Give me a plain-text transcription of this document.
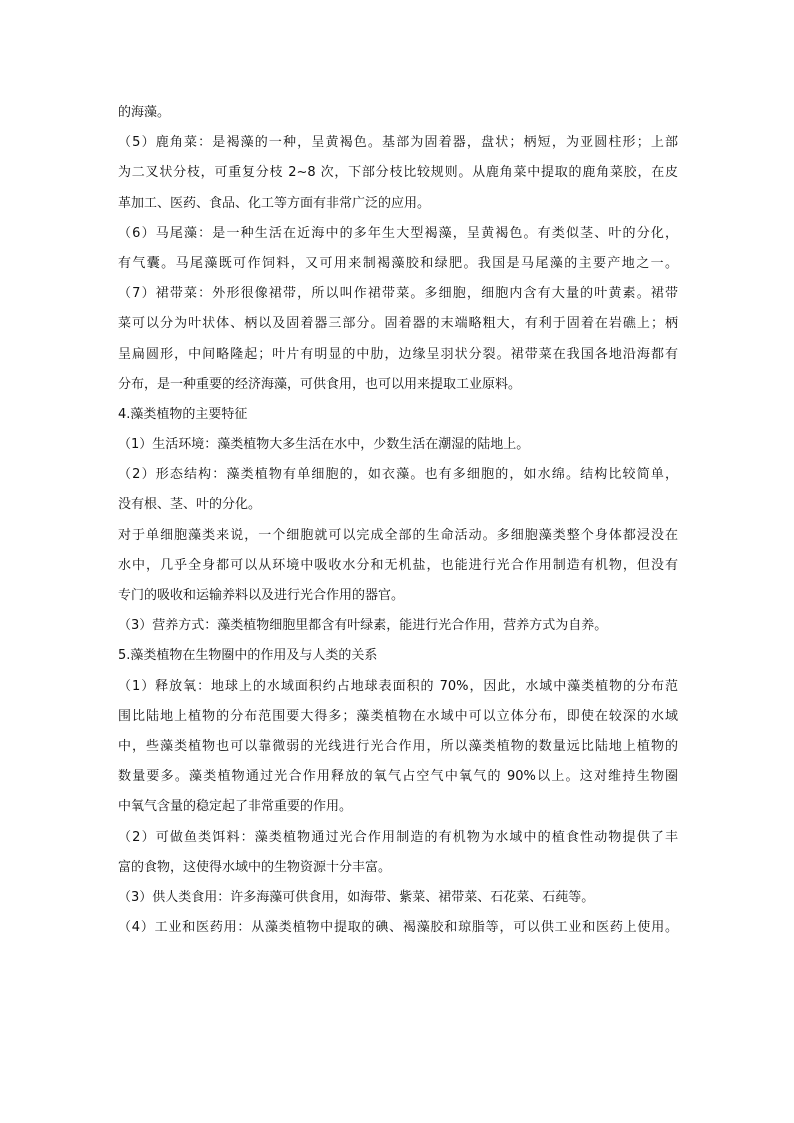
的海藻。
（5）鹿角菜：是褐藻的一种，呈黄褐色。基部为固着器，盘状；柄短，为亚圆柱形；上部
为二叉状分枝，可重复分枝 2~8 次，下部分枝比较规则。从鹿角菜中提取的鹿角菜胶，在皮
革加工、医药、食品、化工等方面有非常广泛的应用。
（6）马尾藻：是一种生活在近海中的多年生大型褐藻，呈黄褐色。有类似茎、叶的分化，
有气囊。马尾藻既可作饲料，又可用来制褐藻胶和绿肥。我国是马尾藻的主要产地之一。
（7）裙带菜：外形很像裙带，所以叫作裙带菜。多细胞，细胞内含有大量的叶黄素。裙带
菜可以分为叶状体、柄以及固着器三部分。固着器的末端略粗大，有利于固着在岩礁上；柄
呈扁圆形，中间略隆起；叶片有明显的中肋，边缘呈羽状分裂。裙带菜在我国各地沿海都有
分布，是一种重要的经济海藻，可供食用，也可以用来提取工业原料。
4.藻类植物的主要特征
（1）生活环境：藻类植物大多生活在水中，少数生活在潮湿的陆地上。
（2）形态结构：藻类植物有单细胞的，如衣藻。也有多细胞的，如水绵。结构比较简单，
没有根、茎、叶的分化。
对于单细胞藻类来说，一个细胞就可以完成全部的生命活动。多细胞藻类整个身体都浸没在
水中，几乎全身都可以从环境中吸收水分和无机盐，也能进行光合作用制造有机物，但没有
专门的吸收和运输养料以及进行光合作用的器官。
（3）营养方式：藻类植物细胞里都含有叶绿素，能进行光合作用，营养方式为自养。
5.藻类植物在生物圈中的作用及与人类的关系
（1）释放氧：地球上的水域面积约占地球表面积的 70%，因此，水域中藻类植物的分布范
围比陆地上植物的分布范围要大得多；藻类植物在水域中可以立体分布，即使在较深的水域
中，些藻类植物也可以靠微弱的光线进行光合作用，所以藻类植物的数量远比陆地上植物的
数量要多。藻类植物通过光合作用释放的氧气占空气中氧气的 90%以上。这对维持生物圈
中氧气含量的稳定起了非常重要的作用。
（2）可做鱼类饵料：藻类植物通过光合作用制造的有机物为水域中的植食性动物提供了丰
富的食物，这使得水域中的生物资源十分丰富。
（3）供人类食用：许多海藻可供食用，如海带、紫菜、裙带菜、石花菜、石莼等。
（4）工业和医药用：从藻类植物中提取的碘、褐藻胶和琼脂等，可以供工业和医药上使用。
